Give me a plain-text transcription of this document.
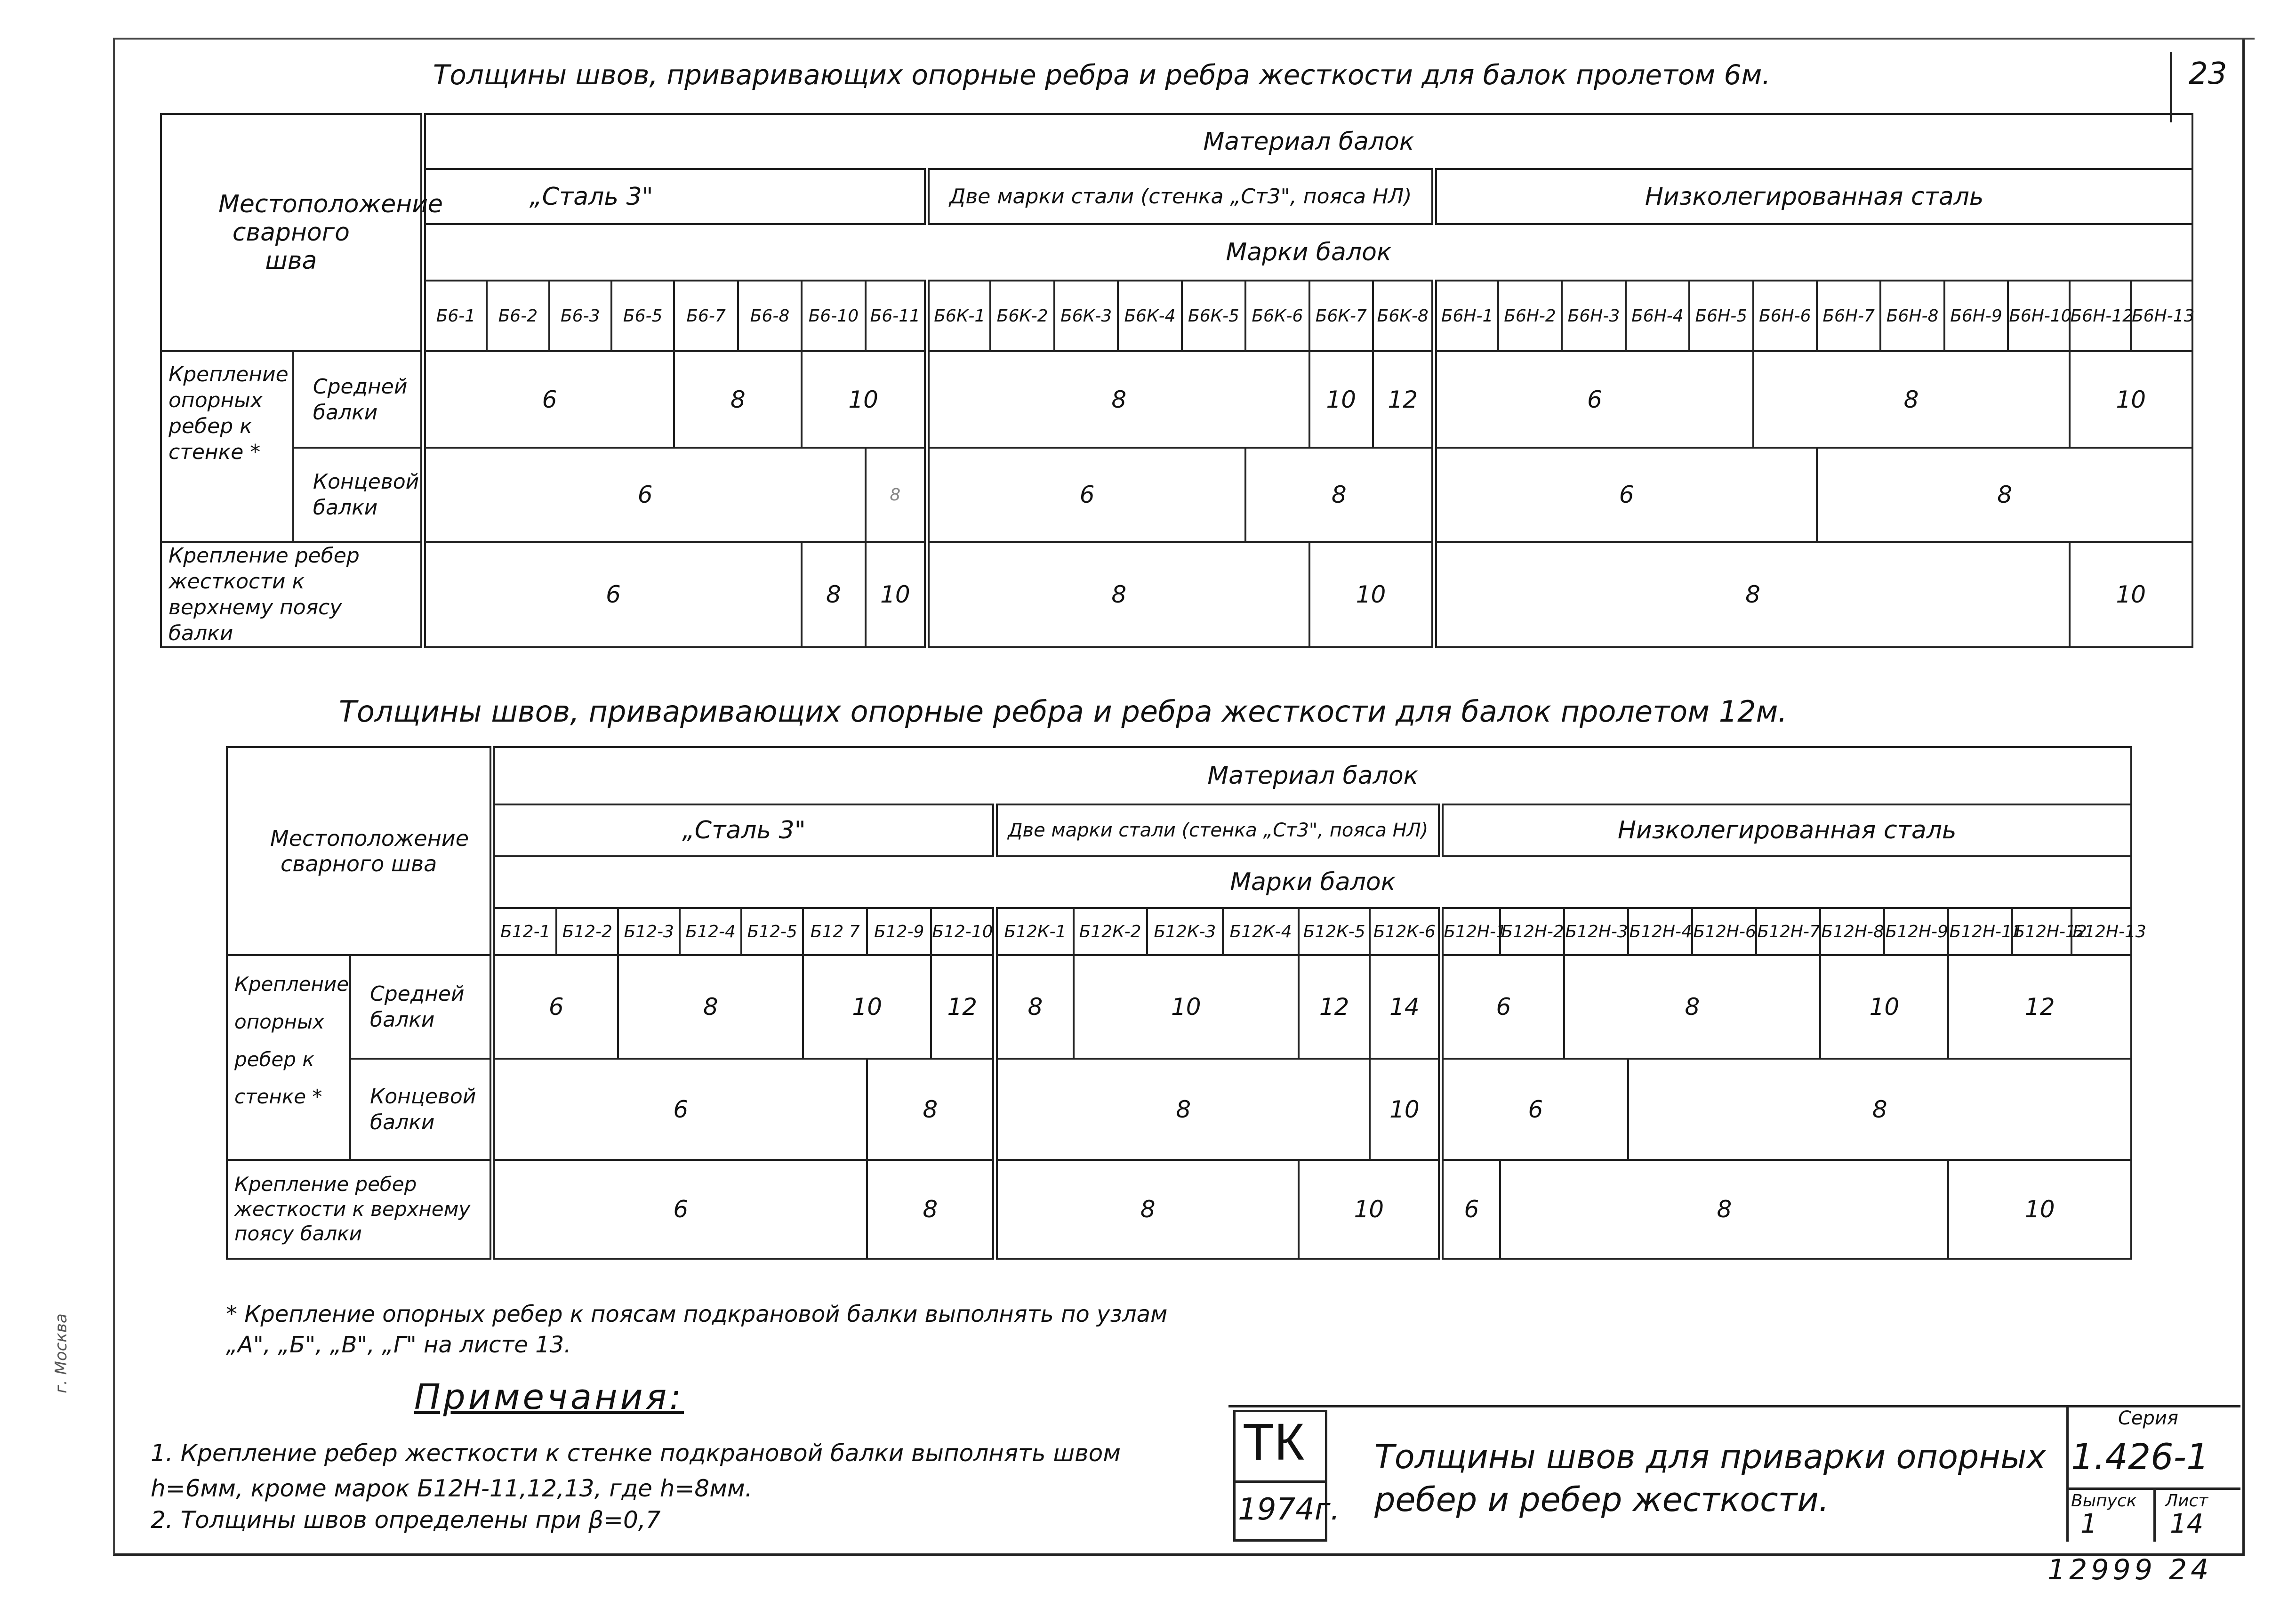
23
г. Москва
Толщины швов, приваривающих опорные ребра и ребра жесткости для балок пролетом 6м.
Местоположение сварного шва		Материал балок																											
		„Сталь 3"								Две марки стали (стенка „Ст3", пояса НЛ)								Низколегированная сталь											
		Марки балок																											
		Б6-1	Б6-2	Б6-3	Б6-5	Б6-7	Б6-8	Б6-10	Б6-11	Б6К-1	Б6К-2	Б6К-3	Б6К-4	Б6К-5	Б6К-6	Б6К-7	Б6К-8	Б6Н-1	Б6Н-2	Б6Н-3	Б6Н-4	Б6Н-5	Б6Н-6	Б6Н-7	Б6Н-8	Б6Н-9	Б6Н-10	Б6Н-12	Б6Н-13
Крепление опорных ребер к стенке *	Средней балки	6				8		10		8						10	12	6					8					10	
	Концевой балки	6							8	6					8			6						8					
Крепление ребер жесткости к верхнему поясу балки		6						8	10	8						10		8										10	
Толщины швов, приваривающих опорные ребра и ребра жесткости для балок пролетом 12м.
Местоположение сварного шва		Материал балок																								
		„Сталь 3"								Две марки стали (стенка „Ст3", пояса НЛ)						Низколегированная сталь										
		Марки балок																								
		Б12-1	Б12-2	Б12-3	Б12-4	Б12-5	Б12 7	Б12-9	Б12-10	Б12К-1	Б12К-2	Б12К-3	Б12К-4	Б12К-5	Б12К-6	Б12Н-1	Б12Н-2	Б12Н-3	Б12Н-4	Б12Н-6	Б12Н-7	Б12Н-8	Б12Н-9	Б12Н-11	Б12Н-12	Б12Н-13
Крепление опорных ребер к стенке *	Средней балки	6		8			10		12	8	10			12	14	6		8				10		12		
	Концевой балки	6						8		8					10	6			8							
Крепление ребер жесткости к верхнему поясу балки		6						8		8				10		6	8							10		
* Крепление опорных ребер к поясам подкрановой балки выполнять по узлам „А", „Б", „В", „Г" на листе 13.
Примечания:
1. Крепление ребер жесткости к стенке подкрановой балки выполнять швом h=6мм, кроме марок Б12Н-11,12,13, где h=8мм.
2. Толщины швов определены при β=0,7
ТК
1974г.
Толщины швов для приварки опорных ребер и ребер жесткости.
Серия
1.426-1
Выпуск
1
Лист
14
12999 24
